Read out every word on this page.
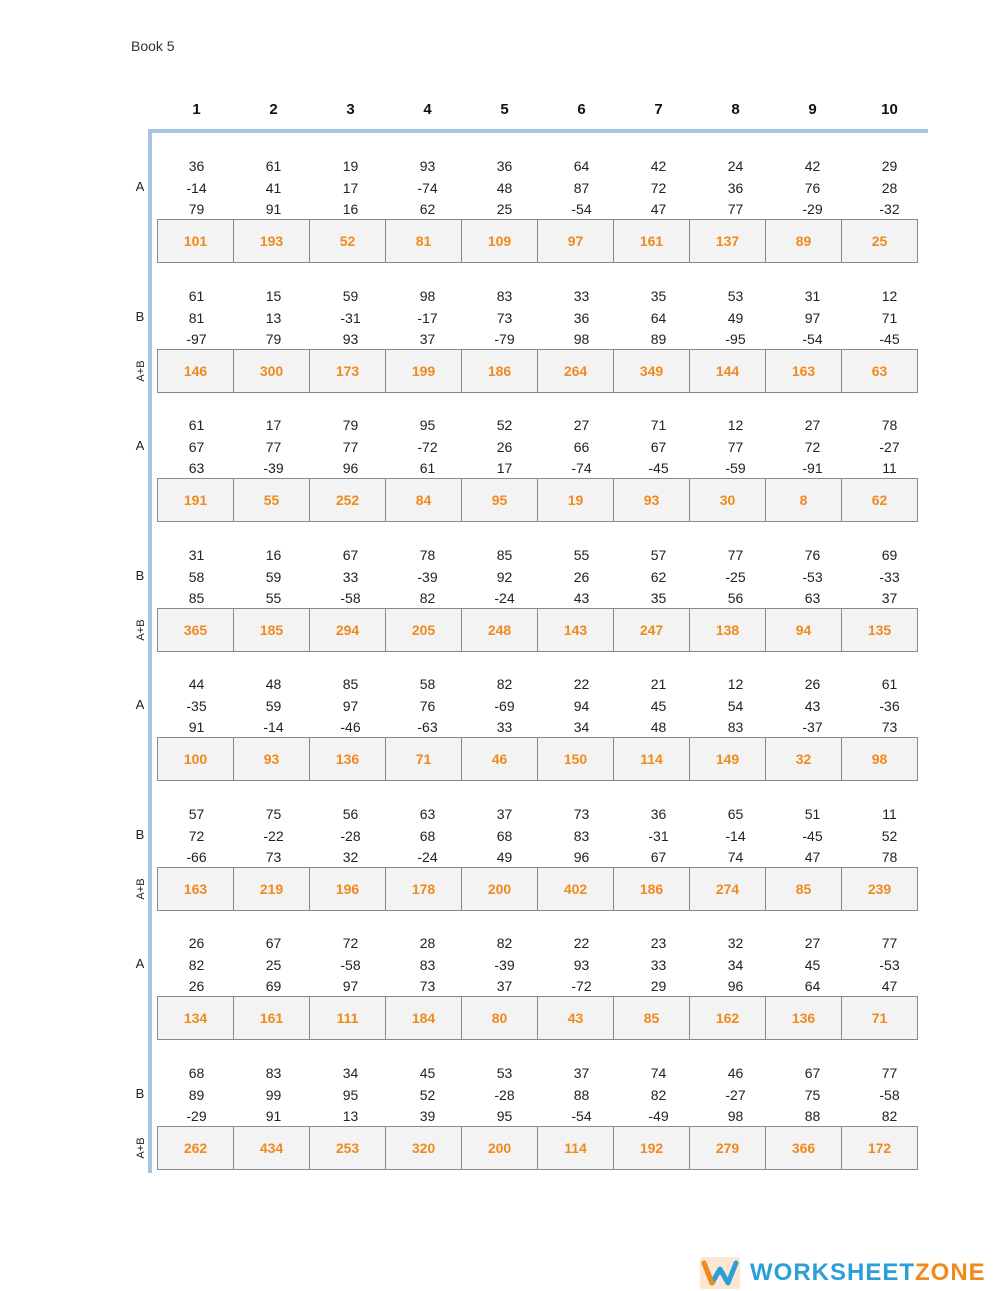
Book 5
1	2	3	4	5	6	7	8	9	10
36	61	19	93	36	64	42	24	42	29
-14	41	17	-74	48	87	72	36	76	28
79	91	16	62	25	-54	47	77	-29	-32
A
101	193	52	81	109	97	161	137	89	25
61	15	59	98	83	33	35	53	31	12
81	13	-31	-17	73	36	64	49	97	71
-97	79	93	37	-79	98	89	-95	-54	-45
B
146	300	173	199	186	264	349	144	163	63
A+B
61	17	79	95	52	27	71	12	27	78
67	77	77	-72	26	66	67	77	72	-27
63	-39	96	61	17	-74	-45	-59	-91	11
A
191	55	252	84	95	19	93	30	8	62
31	16	67	78	85	55	57	77	76	69
58	59	33	-39	92	26	62	-25	-53	-33
85	55	-58	82	-24	43	35	56	63	37
B
365	185	294	205	248	143	247	138	94	135
A+B
44	48	85	58	82	22	21	12	26	61
-35	59	97	76	-69	94	45	54	43	-36
91	-14	-46	-63	33	34	48	83	-37	73
A
100	93	136	71	46	150	114	149	32	98
57	75	56	63	37	73	36	65	51	11
72	-22	-28	68	68	83	-31	-14	-45	52
-66	73	32	-24	49	96	67	74	47	78
B
163	219	196	178	200	402	186	274	85	239
A+B
26	67	72	28	82	22	23	32	27	77
82	25	-58	83	-39	93	33	34	45	-53
26	69	97	73	37	-72	29	96	64	47
A
134	161	111	184	80	43	85	162	136	71
68	83	34	45	53	37	74	46	67	77
89	99	95	52	-28	88	82	-27	75	-58
-29	91	13	39	95	-54	-49	98	88	82
B
262	434	253	320	200	114	192	279	366	172
A+B
WORKSHEETZONE
